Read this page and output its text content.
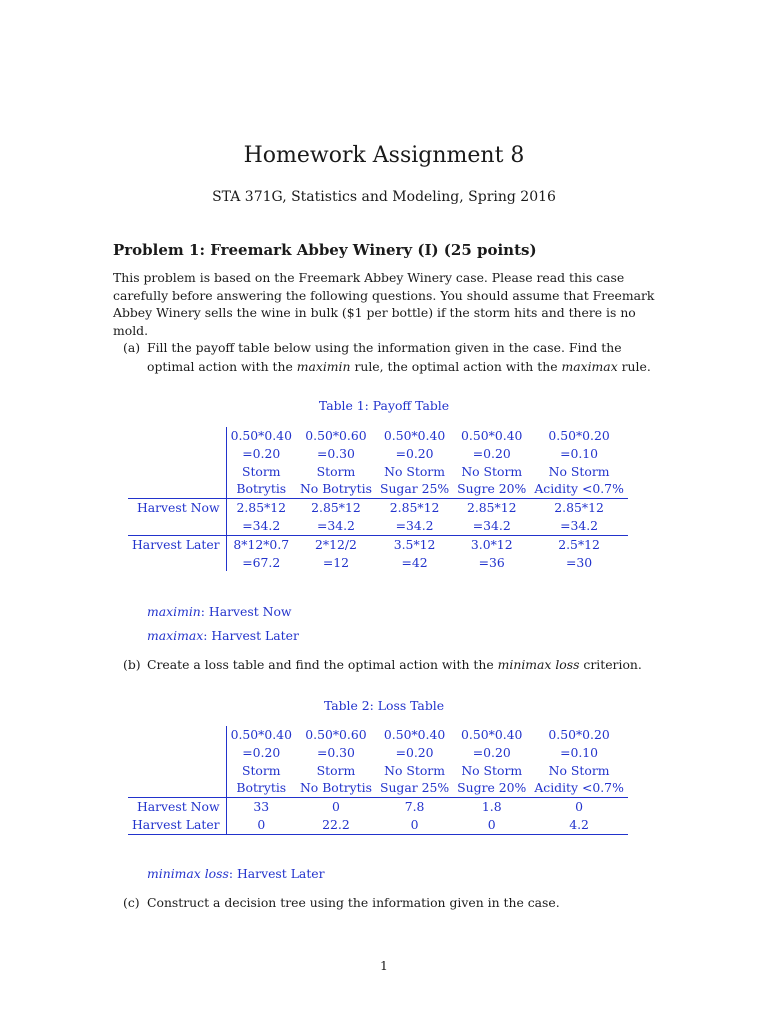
Homework Assignment 8
STA 371G, Statistics and Modeling, Spring 2016
Problem 1: Freemark Abbey Winery (I) (25 points)
This problem is based on the Freemark Abbey Winery case. Please read this case carefully before answering the following questions. You should assume that Freemark Abbey Winery sells the wine in bulk ($1 per bottle) if the storm hits and there is no mold.
(a) Fill the payoff table below using the information given in the case. Find the optimal action with the maximin rule, the optimal action with the maximax rule.
Table 1: Payoff Table
	0.50*0.40	0.50*0.60	0.50*0.40	0.50*0.40	0.50*0.20
	=0.20	=0.30	=0.20	=0.20	=0.10
	Storm	Storm	No Storm	No Storm	No Storm
	Botrytis	No Botrytis	Sugar 25%	Sugre 20%	Acidity <0.7%
Harvest Now	2.85*12	2.85*12	2.85*12	2.85*12	2.85*12
	=34.2	=34.2	=34.2	=34.2	=34.2
Harvest Later	8*12*0.7	2*12/2	3.5*12	3.0*12	2.5*12
	=67.2	=12	=42	=36	=30
maximin: Harvest Now
maximax: Harvest Later
(b) Create a loss table and find the optimal action with the minimax loss criterion.
Table 2: Loss Table
	0.50*0.40	0.50*0.60	0.50*0.40	0.50*0.40	0.50*0.20
	=0.20	=0.30	=0.20	=0.20	=0.10
	Storm	Storm	No Storm	No Storm	No Storm
	Botrytis	No Botrytis	Sugar 25%	Sugre 20%	Acidity <0.7%
Harvest Now	33	0	7.8	1.8	0
Harvest Later	0	22.2	0	0	4.2
minimax loss: Harvest Later
(c) Construct a decision tree using the information given in the case.
1
